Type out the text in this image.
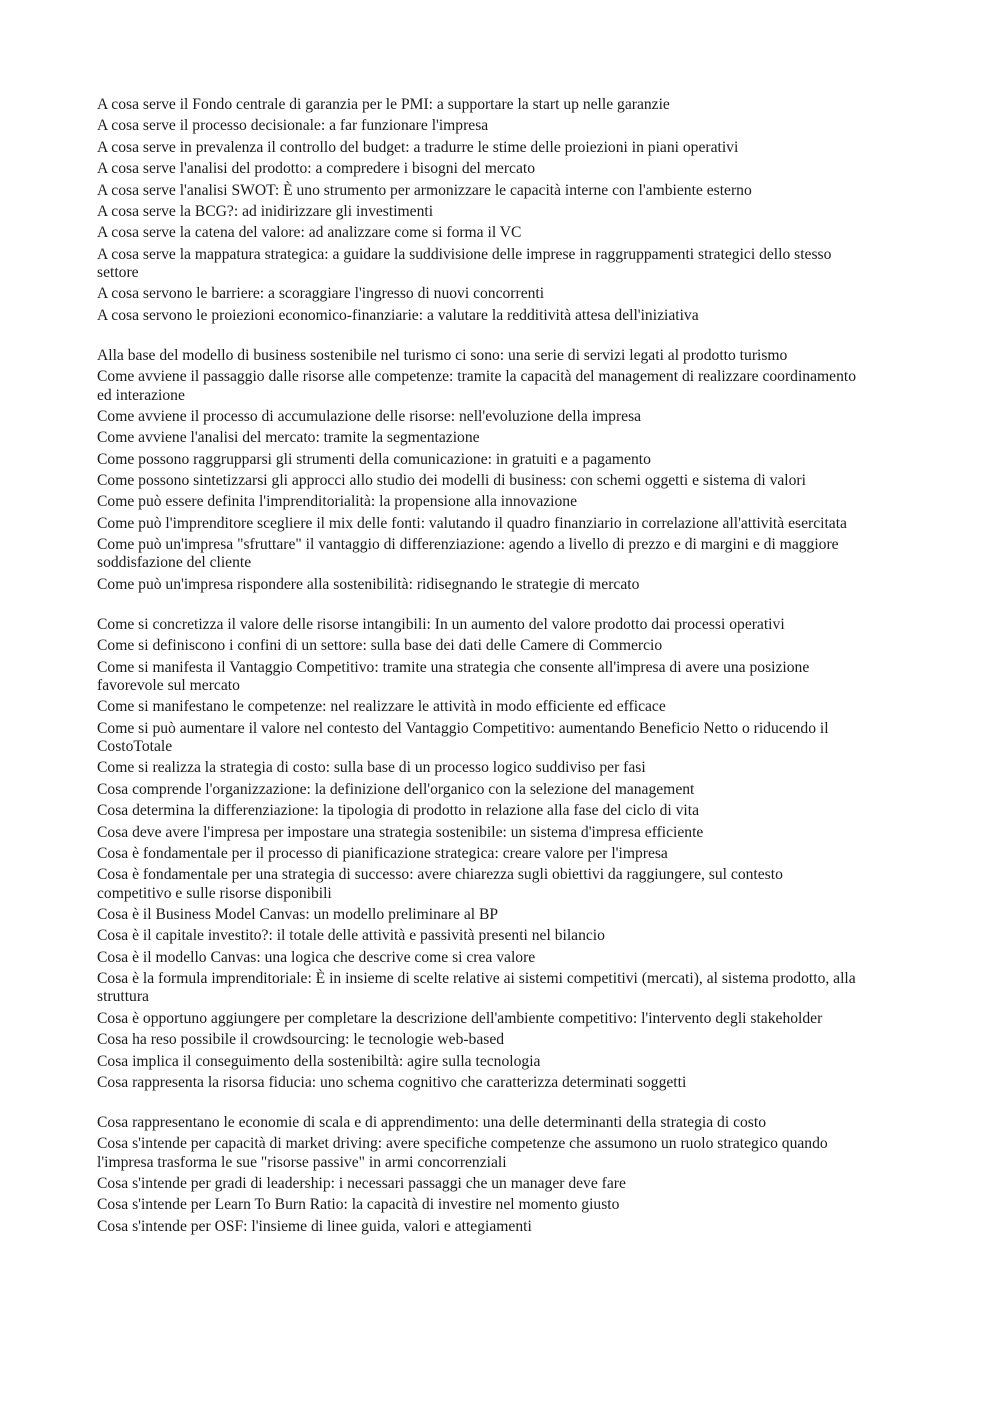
A cosa serve il Fondo centrale di garanzia per le PMI: a supportare la start up nelle garanzie
A cosa serve il processo decisionale: a far funzionare l'impresa
A cosa serve in prevalenza il controllo del budget: a tradurre le stime delle proiezioni in piani operativi
A cosa serve l'analisi del prodotto: a compredere i bisogni del mercato
A cosa serve l'analisi SWOT: È uno strumento per armonizzare le capacità interne con l'ambiente esterno
A cosa serve la BCG?: ad inidirizzare gli investimenti
A cosa serve la catena del valore: ad analizzare come si forma il VC
A cosa serve la mappatura strategica: a guidare la suddivisione delle imprese in raggruppamenti strategici dello stesso settore
A cosa servono le barriere: a scoraggiare l'ingresso di nuovi concorrenti
A cosa servono le proiezioni economico-finanziarie: a valutare la redditività attesa dell'iniziativa
Alla base del modello di business sostenibile nel turismo ci sono: una serie di servizi legati al prodotto turismo
Come avviene il passaggio dalle risorse alle competenze: tramite la capacità del management di realizzare coordinamento ed interazione
Come avviene il processo di accumulazione delle risorse: nell'evoluzione della impresa
Come avviene l'analisi del mercato: tramite la segmentazione
Come possono raggrupparsi gli strumenti della comunicazione: in gratuiti e a pagamento
Come possono sintetizzarsi gli approcci allo studio dei modelli di business: con schemi oggetti e sistema di valori
Come può essere definita l'imprenditorialità: la propensione alla innovazione
Come può l'imprenditore scegliere il mix delle fonti: valutando il quadro finanziario in correlazione all'attività esercitata
Come può un'impresa "sfruttare" il vantaggio di differenziazione: agendo a livello di prezzo e di margini e di maggiore soddisfazione del cliente
Come può un'impresa rispondere alla sostenibilità: ridisegnando le strategie di mercato
Come si concretizza il valore delle risorse intangibili: In un aumento del valore prodotto dai processi operativi
Come si definiscono i confini di un settore: sulla base dei dati delle Camere di Commercio
Come si manifesta il Vantaggio Competitivo: tramite una strategia che consente all'impresa di avere una posizione favorevole sul mercato
Come si manifestano le competenze: nel realizzare le attività in modo efficiente ed efficace
Come si può aumentare il valore nel contesto del Vantaggio Competitivo: aumentando Beneficio Netto o riducendo il CostoTotale
Come si realizza la strategia di costo: sulla base di un processo logico suddiviso per fasi
Cosa comprende l'organizzazione: la definizione dell'organico con la selezione del management
Cosa determina la differenziazione: la tipologia di prodotto in relazione alla fase del ciclo di vita
Cosa deve avere l'impresa per impostare una strategia sostenibile: un sistema d'impresa efficiente
Cosa è fondamentale per il processo di pianificazione strategica: creare valore per l'impresa
Cosa è fondamentale per una strategia di successo: avere chiarezza sugli obiettivi da raggiungere, sul contesto competitivo e sulle risorse disponibili
Cosa è il Business Model Canvas: un modello preliminare al BP
Cosa è il capitale investito?: il totale delle attività e passività presenti nel bilancio
Cosa è il modello Canvas: una logica che descrive come si crea valore
Cosa è la formula imprenditoriale: È in insieme di scelte relative ai sistemi competitivi (mercati), al sistema prodotto, alla struttura
Cosa è opportuno aggiungere per completare la descrizione dell'ambiente competitivo: l'intervento degli stakeholder
Cosa ha reso possibile il crowdsourcing: le tecnologie web-based
Cosa implica il conseguimento della sostenibiltà: agire sulla tecnologia
Cosa rappresenta la risorsa fiducia: uno schema cognitivo che caratterizza determinati soggetti
Cosa rappresentano le economie di scala e di apprendimento: una delle determinanti della strategia di costo
Cosa s'intende per capacità di market driving: avere specifiche competenze che assumono un ruolo strategico quando l'impresa trasforma le sue "risorse passive" in armi concorrenziali
Cosa s'intende per gradi di leadership: i necessari passaggi che un manager deve fare
Cosa s'intende per Learn To Burn Ratio: la capacità di investire nel momento giusto
Cosa s'intende per OSF: l'insieme di linee guida, valori e attegiamenti
